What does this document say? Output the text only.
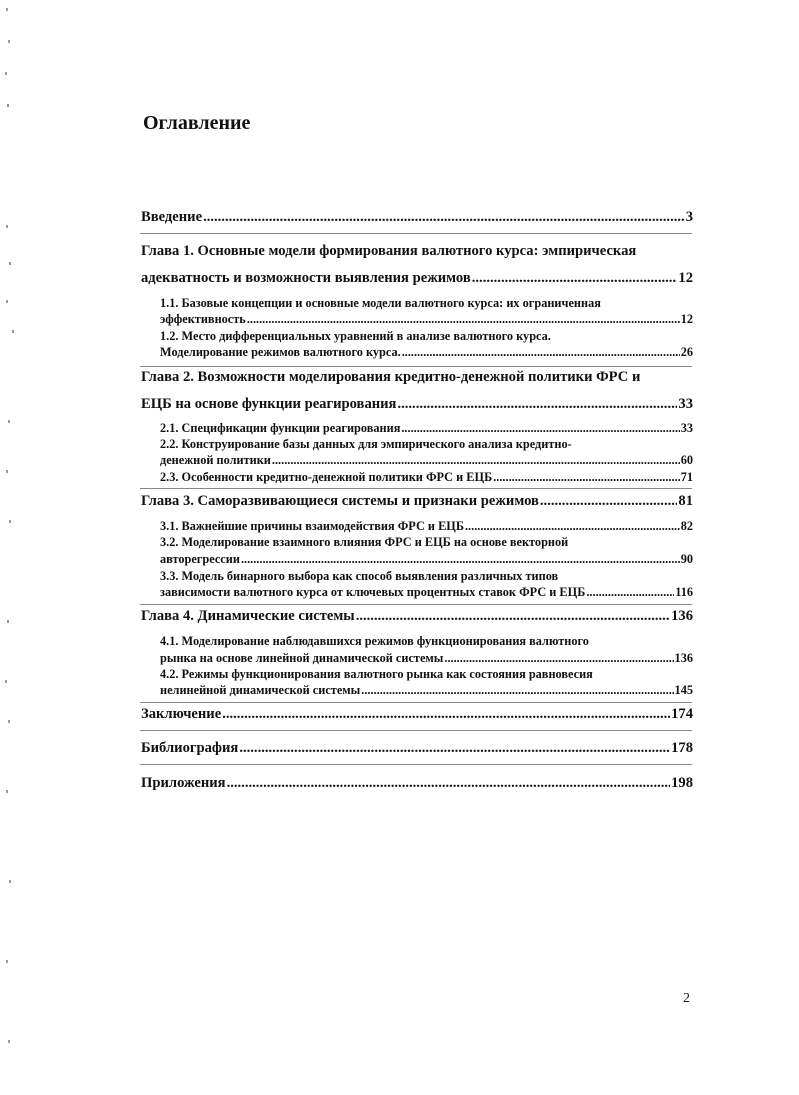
Оглавление
Введение .....	3
Глава 1. Основные модели формирования валютного курса: эмпирическая
адекватность и возможности выявления режимов .....	12
1.1. Базовые концепции и основные модели валютного курса: их ограниченная
эффективность .....	12
1.2. Место дифференциальных уравнений в анализе валютного курса.
Моделирование режимов валютного курса. .....	26
Глава 2. Возможности моделирования кредитно-денежной политики ФРС и
ЕЦБ на основе функции реагирования .....	33
2.1. Спецификации функции реагирования .....	33
2.2. Конструирование базы данных для эмпирического анализа кредитно-
денежной политики .....	60
2.3. Особенности кредитно-денежной политики ФРС и ЕЦБ .....	71
Глава 3. Саморазвивающиеся системы и признаки режимов .....	81
3.1. Важнейшие причины взаимодействия ФРС и ЕЦБ .....	82
3.2. Моделирование взаимного влияния ФРС и ЕЦБ на основе векторной
авторегрессии .....	90
3.3. Модель бинарного выбора как способ выявления различных типов
зависимости валютного курса от ключевых процентных ставок ФРС и ЕЦБ .....	116
Глава 4. Динамические системы .....	136
4.1. Моделирование наблюдавшихся режимов функционирования валютного
рынка на основе линейной динамической системы .....	136
4.2. Режимы функционирования валютного рынка как состояния равновесия
нелинейной динамической системы .....	145
Заключение .....	174
Библиография .....	178
Приложения .....	198
2
